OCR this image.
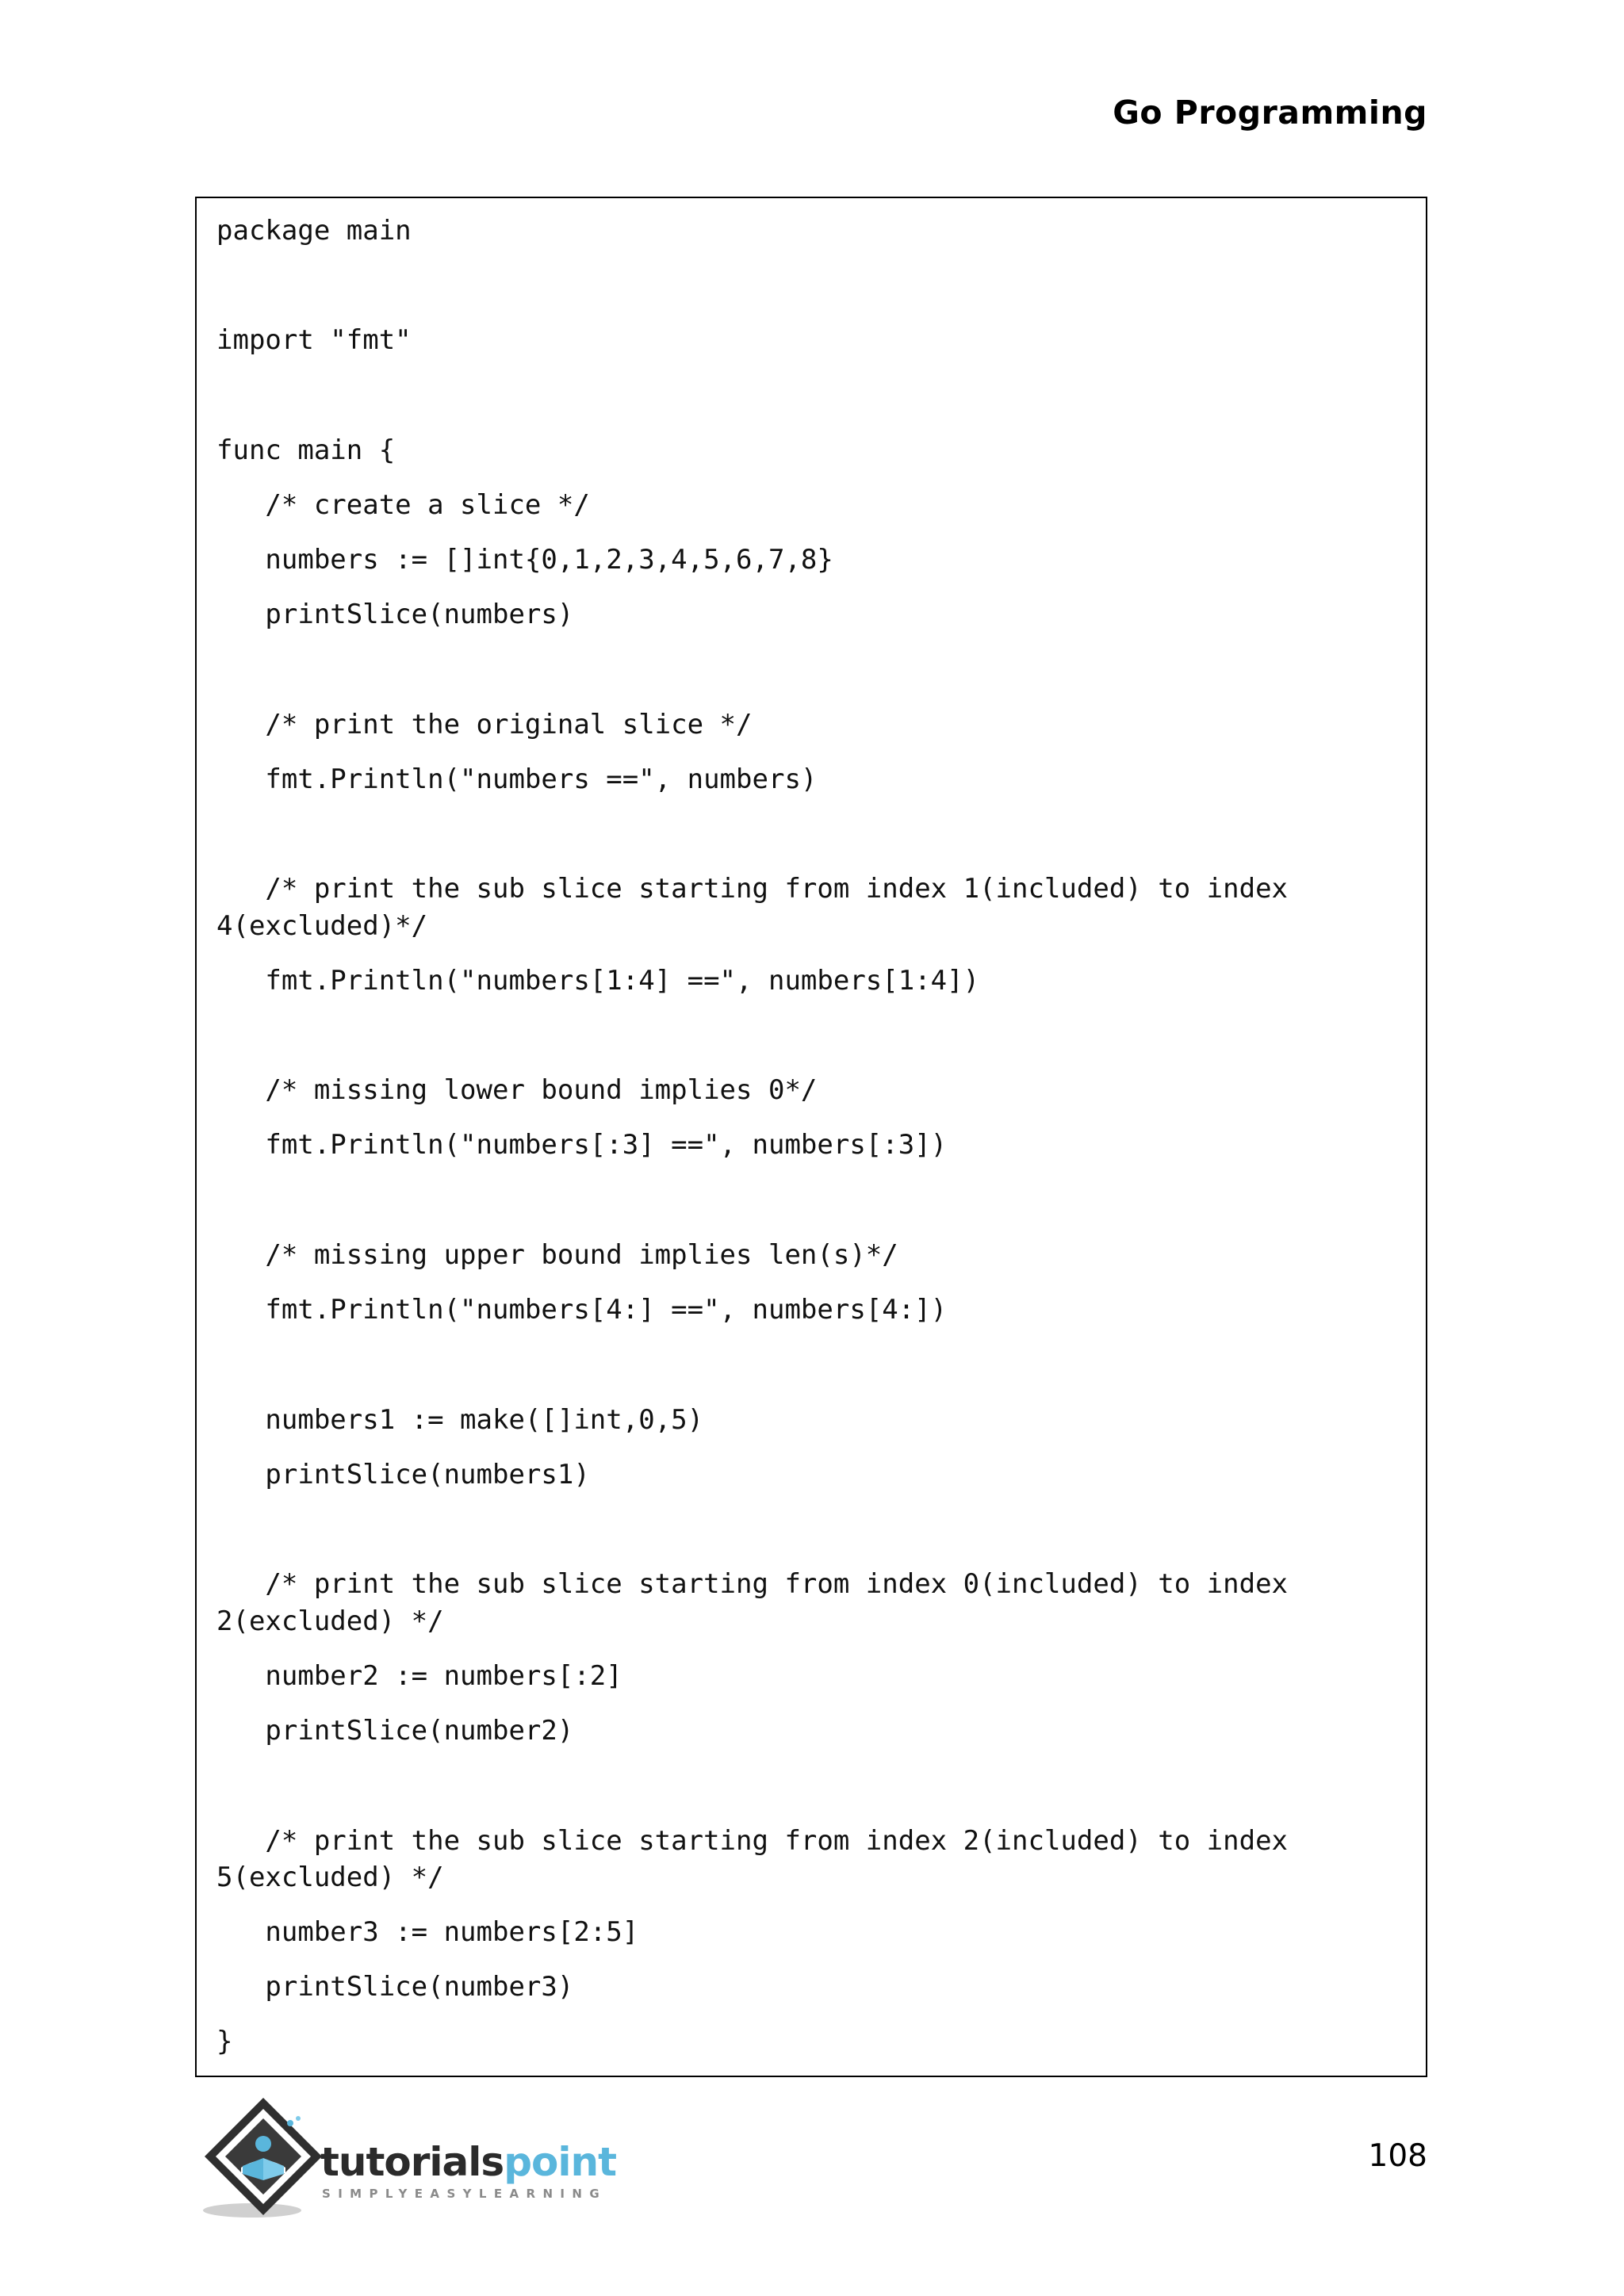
Go Programming
package main
import "fmt"
func main {
/* create a slice */
numbers := []int{0,1,2,3,4,5,6,7,8}
printSlice(numbers)
/* print the original slice */
fmt.Println("numbers ==", numbers)
/* print the sub slice starting from index 1(included) to index
4(excluded)*/
fmt.Println("numbers[1:4] ==", numbers[1:4])
/* missing lower bound implies 0*/
fmt.Println("numbers[:3] ==", numbers[:3])
/* missing upper bound implies len(s)*/
fmt.Println("numbers[4:] ==", numbers[4:])
numbers1 := make([]int,0,5)
printSlice(numbers1)
/* print the sub slice starting from index 0(included) to index
2(excluded) */
number2 := numbers[:2]
printSlice(number2)
/* print the sub slice starting from index 2(included) to index
5(excluded) */
number3 := numbers[2:5]
printSlice(number3)
}
tutorialspoint
SIMPLYEASYLEARNING
108
